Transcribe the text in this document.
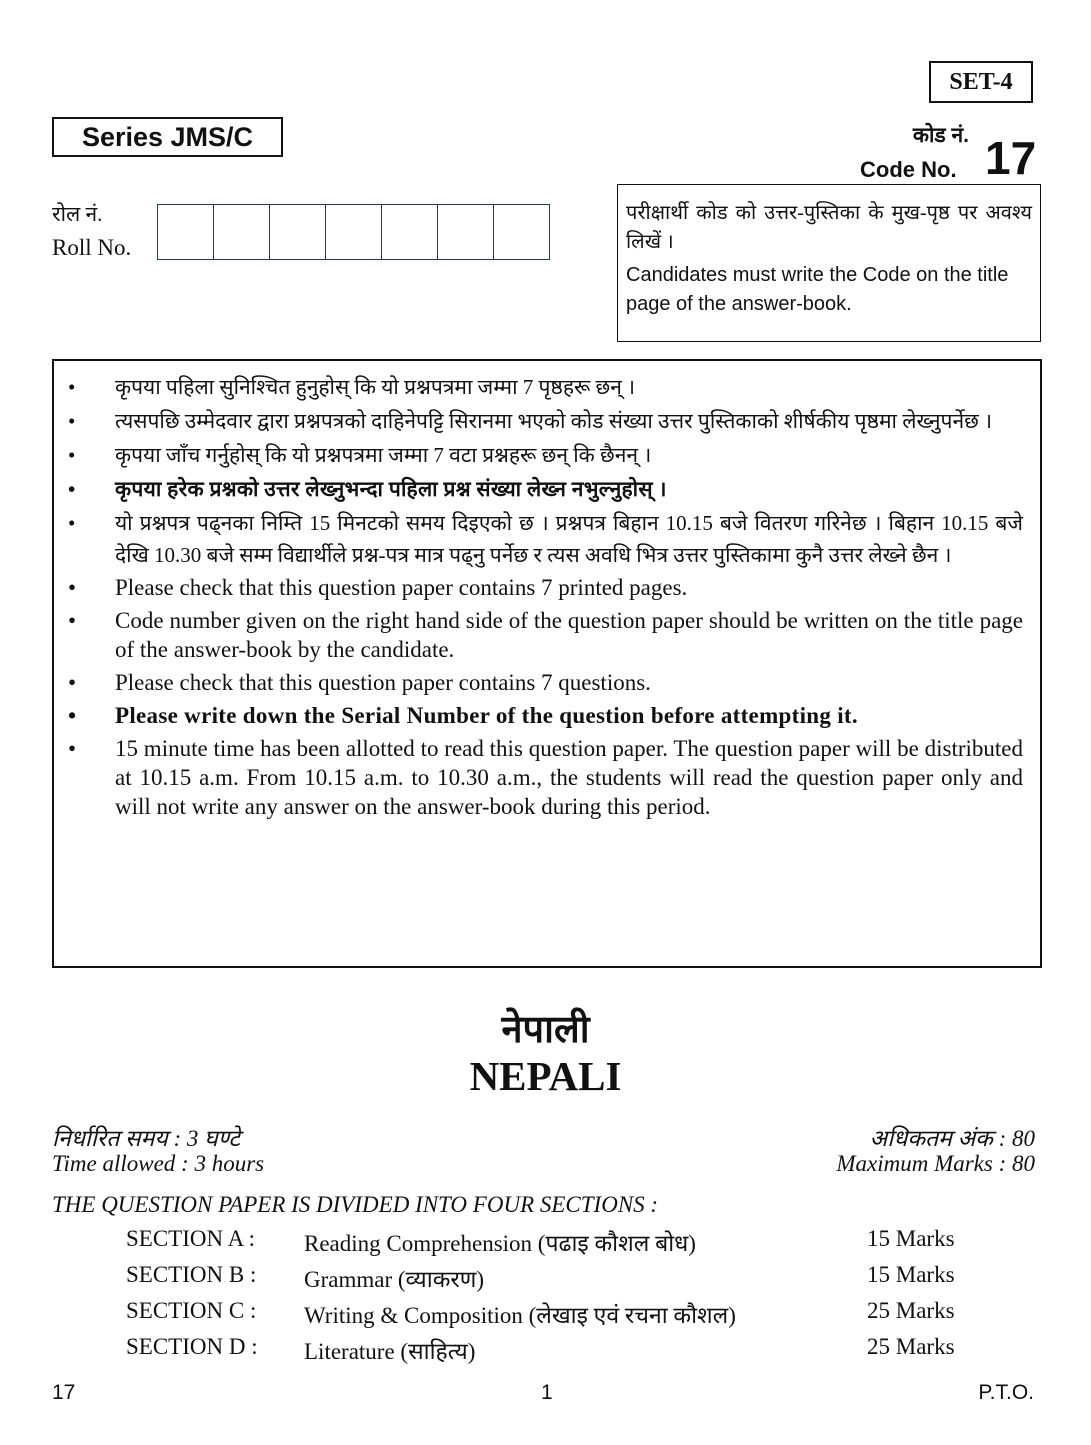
SET-4
Series JMS/C	कोड नं.
Code No. 17
रोल नं.
Roll No.
परीक्षार्थी कोड को उत्तर-पुस्तिका के मुख-पृष्ठ पर अवश्य लिखें ।
Candidates must write the Code on the title page of the answer-book.
• कृपया पहिला सुनिश्चित हुनुहोस् कि यो प्रश्नपत्रमा जम्मा 7 पृष्ठहरू छन् ।
• त्यसपछि उम्मेदवार द्वारा प्रश्नपत्रको दाहिनेपट्टि सिरानमा भएको कोड संख्या उत्तर पुस्तिकाको शीर्षकीय पृष्ठमा लेख्नुपर्नेछ ।
• कृपया जाँच गर्नुहोस् कि यो प्रश्नपत्रमा जम्मा 7 वटा प्रश्नहरू छन् कि छैनन् ।
• कृपया हरेक प्रश्नको उत्तर लेख्नुभन्दा पहिला प्रश्न संख्या लेख्न नभुल्नुहोस् ।
• यो प्रश्नपत्र पढ्नका निम्ति 15 मिनटको समय दिइएको छ । प्रश्नपत्र बिहान 10.15 बजे वितरण गरिनेछ । बिहान 10.15 बजे देखि 10.30 बजे सम्म विद्यार्थीले प्रश्न-पत्र मात्र पढ्नु पर्नेछ र त्यस अवधि भित्र उत्तर पुस्तिकामा कुनै उत्तर लेख्ने छैन ।
• Please check that this question paper contains 7 printed pages.
• Code number given on the right hand side of the question paper should be written on the title page of the answer-book by the candidate.
• Please check that this question paper contains 7 questions.
• Please write down the Serial Number of the question before attempting it.
• 15 minute time has been allotted to read this question paper. The question paper will be distributed at 10.15 a.m. From 10.15 a.m. to 10.30 a.m., the students will read the question paper only and will not write any answer on the answer-book during this period.
नेपाली
NEPALI
निर्धारित समय : 3 घण्टे
Time allowed : 3 hours
अधिकतम अंक : 80
Maximum Marks : 80
THE QUESTION PAPER IS DIVIDED INTO FOUR SECTIONS :
SECTION A : Reading Comprehension (पढाइ कौशल बोध)	15 Marks
SECTION B : Grammar (व्याकरण)	15 Marks
SECTION C : Writing & Composition (लेखाइ एवं रचना कौशल)	25 Marks
SECTION D : Literature (साहित्य)	25 Marks
17	1	P.T.O.
